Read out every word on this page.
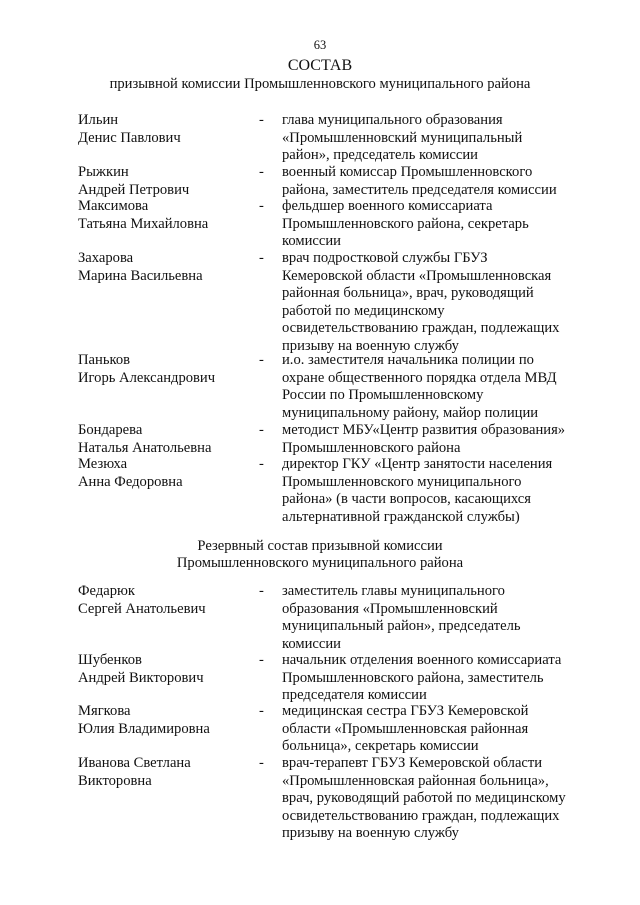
63
СОСТАВ
призывной комиссии Промышленновского муниципального района
Ильин
Денис Павлович
- глава муниципального образования
«Промышленновский муниципальный
район», председатель комиссии
Рыжкин
Андрей Петрович
- военный комиссар Промышленновского
района, заместитель председателя комиссии
Максимова
Татьяна Михайловна
- фельдшер военного комиссариата
Промышленновского района, секретарь
комиссии
Захарова
Марина Васильевна
- врач подростковой службы ГБУЗ
Кемеровской области «Промышленновская
районная больница», врач, руководящий
работой по медицинскому
освидетельствованию граждан, подлежащих
призыву на военную службу
Паньков
Игорь Александрович
- и.о. заместителя начальника полиции по
охране общественного порядка отдела МВД
России по Промышленновскому
муниципальному району, майор полиции
Бондарева
Наталья Анатольевна
- методист МБУ«Центр развития образования»
Промышленновского района
Мезюха
Анна Федоровна
- директор ГКУ «Центр занятости населения
Промышленновского муниципального
района» (в части вопросов, касающихся
альтернативной гражданской службы)
Резервный состав призывной комиссии
Промышленновского муниципального района
Федарюк
Сергей Анатольевич
- заместитель главы муниципального
образования «Промышленновский
муниципальный район», председатель
комиссии
Шубенков
Андрей Викторович
- начальник отделения военного комиссариата
Промышленновского района, заместитель
председателя комиссии
Мягкова
Юлия Владимировна
- медицинская сестра ГБУЗ Кемеровской
области «Промышленновская районная
больница», секретарь комиссии
Иванова Светлана
Викторовна
- врач-терапевт ГБУЗ Кемеровской области
«Промышленновская районная больница»,
врач, руководящий работой по медицинскому
освидетельствованию граждан, подлежащих
призыву на военную службу
